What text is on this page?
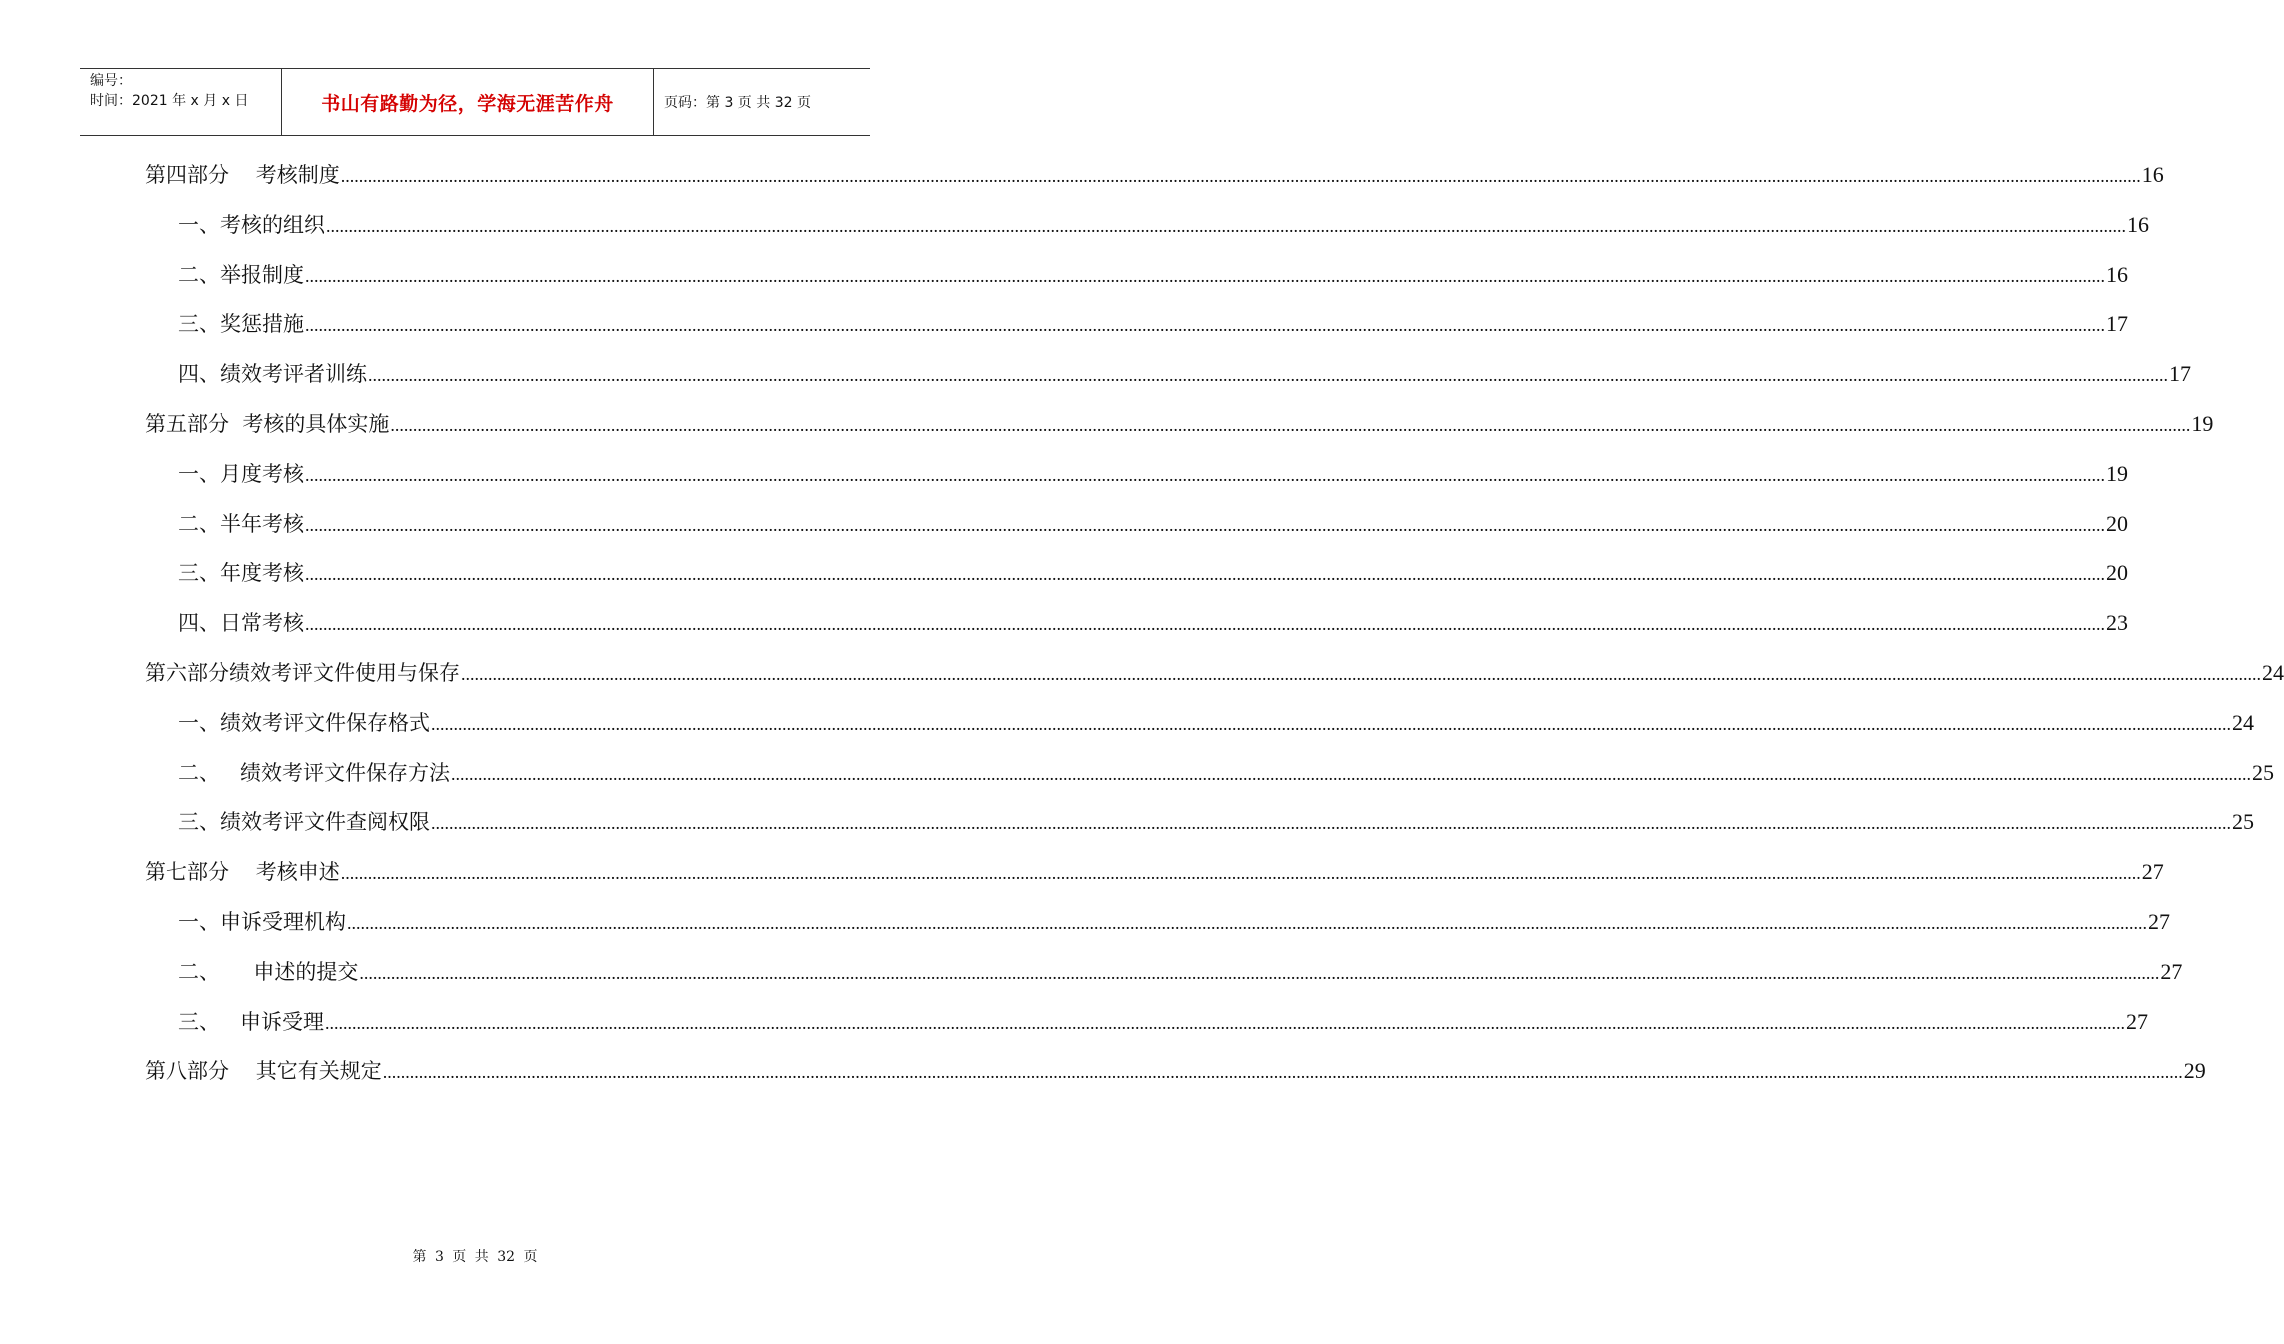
编号：
时间：2021 年 x 月 x 日	书山有路勤为径，学海无涯苦作舟	页码：第 3 页 共 32 页
第四部分    考核制度 ................................................................................................................................................................................................................................................................................................................................................................................................................ 16
一、考核的组织 ................................................................................................................................................................................................................................................................................................................................................................................................................ 16
二、举报制度 ................................................................................................................................................................................................................................................................................................................................................................................................................ 16
三、奖惩措施 ................................................................................................................................................................................................................................................................................................................................................................................................................ 17
四、绩效考评者训练 ................................................................................................................................................................................................................................................................................................................................................................................................................ 17
第五部分  考核的具体实施 ................................................................................................................................................................................................................................................................................................................................................................................................................ 19
一、月度考核 ................................................................................................................................................................................................................................................................................................................................................................................................................ 19
二、半年考核 ................................................................................................................................................................................................................................................................................................................................................................................................................ 20
三、年度考核 ................................................................................................................................................................................................................................................................................................................................................................................................................ 20
四、日常考核 ................................................................................................................................................................................................................................................................................................................................................................................................................ 23
第六部分绩效考评文件使用与保存 ................................................................................................................................................................................................................................................................................................................................................................................................................ 24
一、绩效考评文件保存格式 ................................................................................................................................................................................................................................................................................................................................................................................................................ 24
二、   绩效考评文件保存方法 ................................................................................................................................................................................................................................................................................................................................................................................................................ 25
三、绩效考评文件查阅权限 ................................................................................................................................................................................................................................................................................................................................................................................................................ 25
第七部分    考核申述 ................................................................................................................................................................................................................................................................................................................................................................................................................ 27
一、申诉受理机构 ................................................................................................................................................................................................................................................................................................................................................................................................................ 27
二、     申述的提交 ................................................................................................................................................................................................................................................................................................................................................................................................................ 27
三、   申诉受理 ................................................................................................................................................................................................................................................................................................................................................................................................................ 27
第八部分    其它有关规定 ................................................................................................................................................................................................................................................................................................................................................................................................................ 29
第 3 页 共 32 页
